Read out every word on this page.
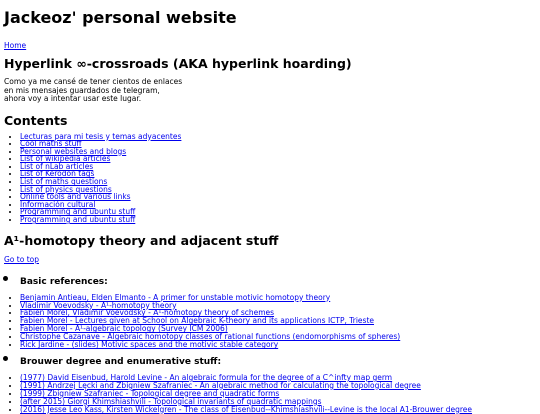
Jackeoz' personal website
Home
Hyperlink ∞-crossroads (AKA hyperlink hoarding)
Como ya me cansé de tener cientos de enlaces
en mis mensajes guardados de telegram,
ahora voy a intentar usar este lugar.
Contents
• Lecturas para mi tesis y temas adyacentes
• Cool maths stuff
• Personal websites and blogs
• List of wikipedia articles
• List of nLab articles
• List of Kerodon tags
• List of maths questions
• List of physics questions
• Online tools and various links
• Información cultural
• Programming and ubuntu stuff
• Programming and ubuntu stuff
A¹-homotopy theory and adjacent stuff
Go to top
• Basic references:
• Benjamin Antieau, Elden Elmanto - A primer for unstable motivic homotopy theory
• Vladimir Voevodsky - A¹-homotopy theory
• Fabien Morel, Vladimir Voevodsky - A¹-homotopy theory of schemes
• Fabien Morel - Lectures given at School on Algebraic K-theory and its applications ICTP, Trieste
• Fabien Morel - A¹-algebraic topology (Survey ICM 2006)
• Christophe Cazanave - Algebraic homotopy classes of rational functions (endomorphisms of spheres)
• Rick Jardine - (slides) Motivic spaces and the motivic stable category
• Brouwer degree and enumerative stuff:
• (1977) David Eisenbud, Harold Levine - An algebraic formula for the degree of a C^infty map germ
• (1991) Andrzej Lęcki and Zbigniew Szafraniec - An algebraic method for calculating the topological degree
• (1999) Zbigniew Szafraniec - Topological degree and quadratic forms
• (after 2015) Giorgi Khimshiashvili - Topological invariants of quadratic mappings
• (2016) Jesse Leo Kass, Kirsten Wickelgren - The class of Eisenbud--Khimshiashvili--Levine is the local A1-Brouwer degree
